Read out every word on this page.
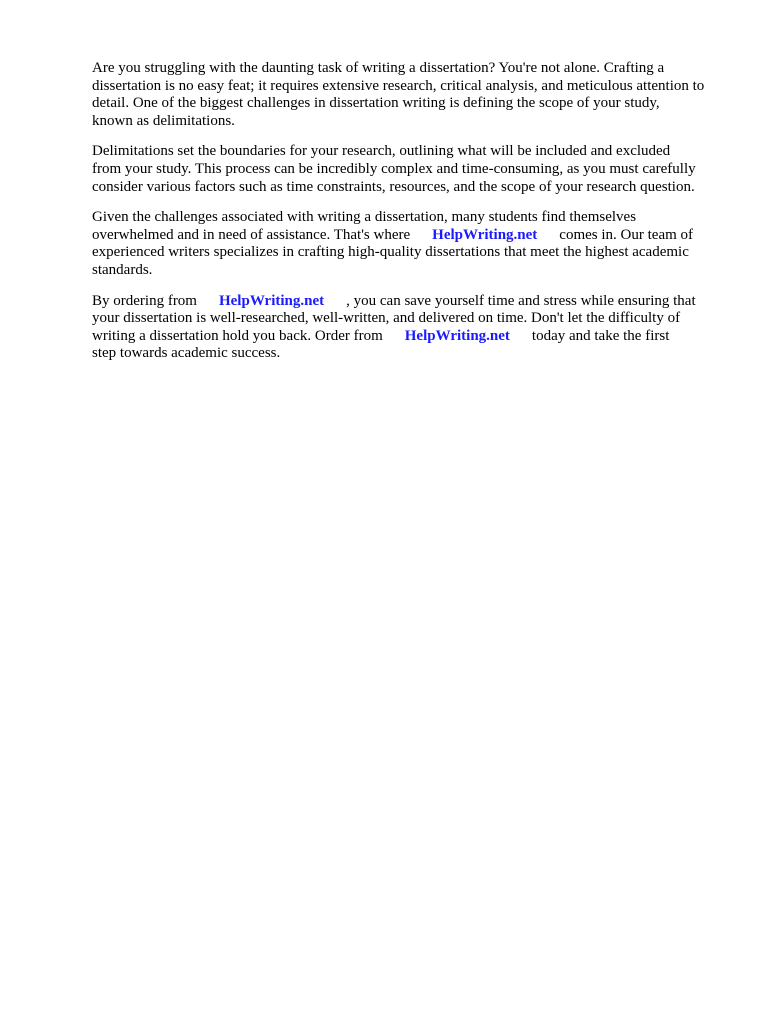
Are you struggling with the daunting task of writing a dissertation? You're not alone. Crafting a
dissertation is no easy feat; it requires extensive research, critical analysis, and meticulous attention to
detail. One of the biggest challenges in dissertation writing is defining the scope of your study,
known as delimitations.

Delimitations set the boundaries for your research, outlining what will be included and excluded
from your study. This process can be incredibly complex and time-consuming, as you must carefully
consider various factors such as time constraints, resources, and the scope of your research question.

Given the challenges associated with writing a dissertation, many students find themselves
overwhelmed and in need of assistance. That's where HelpWriting.net comes in. Our team of
experienced writers specializes in crafting high-quality dissertations that meet the highest academic
standards.

By ordering from HelpWriting.net , you can save yourself time and stress while ensuring that
your dissertation is well-researched, well-written, and delivered on time. Don't let the difficulty of
writing a dissertation hold you back. Order from HelpWriting.net today and take the first
step towards academic success.
